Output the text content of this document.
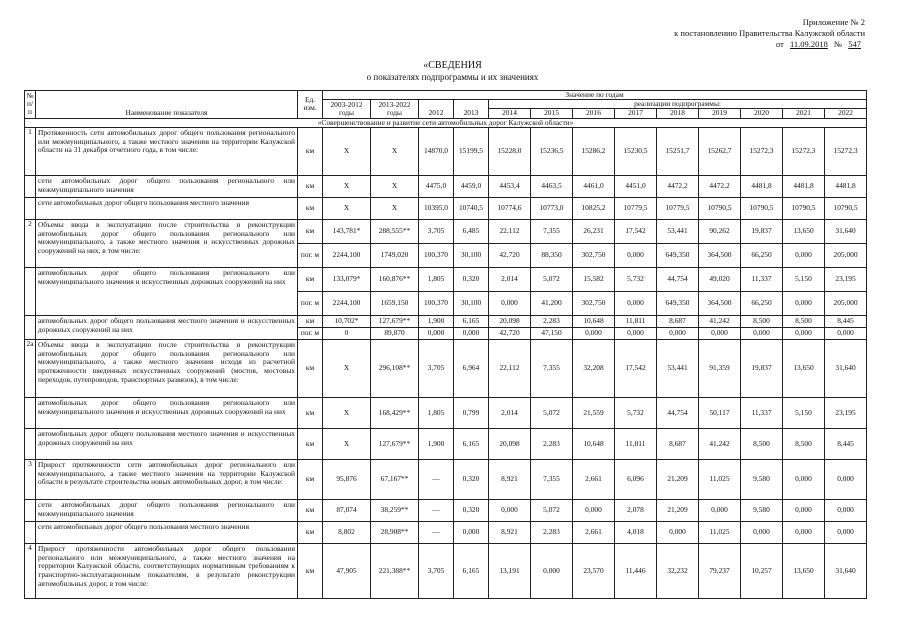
Приложение № 2
к постановлению Правительства Калужской области
от 11.09.2018 № 547
«СВЕДЕНИЯ
о показателях подпрограммы и их значениях
№ п/п	Наименование показателя	Ед. изм.	Значение по годам												
			2003-2012 годы	2013-2022 годы	2012	2013	реализации подпрограммы:								
							2014	2015	2016	2017	2018	2019	2020	2021	2022
«Совершенствование и развитие сети автомобильных дорог Калужской области»															
1	Протяженность сети автомобильных дорог общего пользования регионального или межмуниципального, а также местного значения на территории Калужской области на 31 декабря отчетного года, в том числе:	км	X	X	14870,0	15199,5	15228,0	15236,5	15286,2	15230,5	15251,7	15262,7	15272,3	15272,3	15272,3
	сети автомобильных дорог общего пользования регионального или межмуниципального значения	км	X	X	4475,0	4459,0	4453,4	4463,5	4461,0	4451,0	4472,2	4472,2	4481,8	4481,8	4481,8
	сети автомобильных дорог общего пользования местного значения	км	X	X	10395,0	10740,5	10774,6	10773,0	10825,2	10779,5	10779,5	10790,5	10790,5	10790,5	10790,5
2	Объемы ввода в эксплуатацию после строительства и реконструкции автомобильных дорог общего пользования регионального или межмуниципального, а также местного значения и искусственных дорожных сооружений на них, в том числе:	км	143,781*	288,555**	3,705	6,485	22,112	7,355	26,231	17,542	53,441	90,262	19,837	13,650	31,640
		пог. м	2244,100	1749,020	100,370	30,100	42,720	88,350	302,750	0,000	649,350	364,500	66,250	0,000	205,000
	автомобильных дорог общего пользования регионального или межмуниципального значения и искусственных дорожных сооружений на них	км	133,079*	160,876**	1,805	0,320	2,014	5,072	15,582	5,732	44,754	49,020	11,337	5,150	23,195
		пог. м	2244,100	1659,150	100,370	30,100	0,000	41,200	302,750	0,000	649,350	364,500	66,250	0,000	205,000
	автомобильных дорог общего пользования местного значения и искусственных дорожных сооружений на них	км	10,702*	127,679**	1,900	6,165	20,098	2,283	10,648	11,811	8,687	41,242	8,500	8,500	8,445
		пог. м	0	89,870	0,000	0,000	42,720	47,150	0,000	0,000	0,000	0,000	0,000	0,000	0,000
2а	Объемы ввода в эксплуатацию после строительства и реконструкции автомобильных дорог общего пользования регионального или межмуниципального, а также местного значения исходя из расчетной протяженности введенных искусственных сооружений (мостов, мостовых переходов, путепроводов, транспортных развязок), в том числе:	км	X	296,108**	3,705	6,964	22,112	7,355	32,208	17,542	53,441	91,359	19,837	13,650	31,640
	автомобильных дорог общего пользования регионального или межмуниципального значения и искусственных дорожных сооружений на них	км	X	168,429**	1,805	0,799	2,014	5,072	21,559	5,732	44,754	50,117	11,337	5,150	23,195
	автомобильных дорог общего пользования местного значения и искусственных дорожных сооружений на них	км	X	127,679**	1,900	6,165	20,098	2,283	10,648	11,811	8,687	41,242	8,500	8,500	8,445
3	Прирост протяженности сети автомобильных дорог регионального или межмуниципального, а также местного значения на территории Калужской области в результате строительства новых автомобильных дорог, в том числе:	км	95,876	67,167**	—	0,320	8,921	7,355	2,661	6,096	21,209	11,025	9,580	0,000	0,000
	сети автомобильных дорог общего пользования регионального или межмуниципального значения	км	87,074	38,259**	—	0,320	0,000	5,072	0,000	2,078	21,209	0,000	9,580	0,000	0,000
	сети автомобильных дорог общего пользования местного значения	км	8,802	28,908**	—	0,000	8,921	2,283	2,661	4,018	0,000	11,025	0,000	0,000	0,000
4	Прирост протяженности автомобильных дорог общего пользования регионального или межмуниципального, а также местного значения на территории Калужской области, соответствующих нормативным требованиям к транспортно-эксплуатационным показателям, в результате реконструкции автомобильных дорог, в том числе:	км	47,905	221,388**	3,705	6,165	13,191	0,000	23,570	11,446	32,232	79,237	10,257	13,650	31,640
